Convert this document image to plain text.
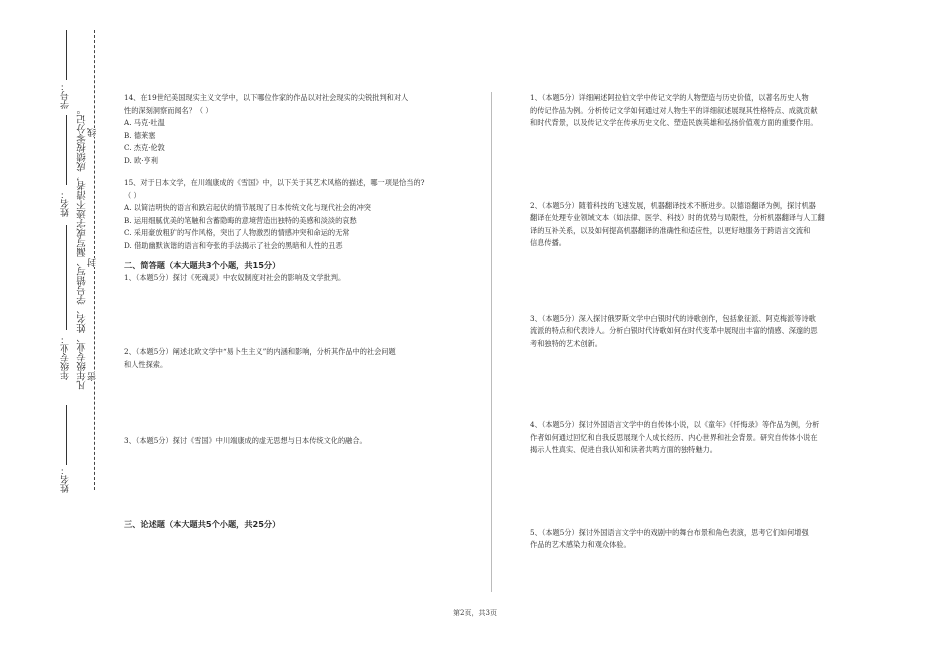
学号：
姓名：
年级专业：
姓名：
凡年级专业、姓名、学号错写、漏写或字迹不清者，成绩按零分记。 线
封
密

14、在19世纪美国现实主义文学中，以下哪位作家的作品以对社会现实的尖锐批判和对人

性的深刻洞察而闻名？（ ）

A. 马克·吐温

B. 德莱塞

C. 杰克·伦敦

D. 欧·亨利

15、对于日本文学，在川端康成的《雪国》中，以下关于其艺术风格的描述，哪一项是恰当的?

（ ）

A. 以简洁明快的语言和跌宕起伏的情节展现了日本传统文化与现代社会的冲突

B. 运用细腻优美的笔触和含蓄隐晦的意境营造出独特的美感和淡淡的哀愁

C. 采用豪放粗犷的写作风格，突出了人物激烈的情感冲突和命运的无常

D. 借助幽默诙谐的语言和夸张的手法揭示了社会的黑暗和人性的丑恶

二、简答题（本大题共3个小题，共15分）

1、（本题5分）探讨《死魂灵》中农奴制度对社会的影响及文学批判。

2、（本题5分）阐述北欧文学中“易卜生主义”的内涵和影响，分析其作品中的社会问题

和人性探索。

3、（本题5分）探讨《雪国》中川端康成的虚无思想与日本传统文化的融合。

三、论述题（本大题共5个小题，共25分）

1、（本题5分）详细阐述阿拉伯文学中传记文学的人物塑造与历史价值，以著名历史人物

的传记作品为例。分析传记文学如何通过对人物生平的详细叙述展现其性格特点、成就贡献

和时代背景，以及传记文学在传承历史文化、塑造民族英雄和弘扬价值观方面的重要作用。

2、（本题5分）随着科技的飞速发展，机器翻译技术不断进步。以德语翻译为例，探讨机器

翻译在处理专业领域文本（如法律、医学、科技）时的优势与局限性，分析机器翻译与人工翻

译的互补关系，以及如何提高机器翻译的准确性和适应性，以更好地服务于跨语言交流和

信息传播。

3、（本题5分）深入探讨俄罗斯文学中白银时代的诗歌创作，包括象征派、阿克梅派等诗歌

流派的特点和代表诗人。分析白银时代诗歌如何在时代变革中展现出丰富的情感、深邃的思

考和独特的艺术创新。

4、（本题5分）探讨外国语言文学中的自传体小说，以《童年》《忏悔录》等作品为例，分析

作者如何通过回忆和自我反思展现个人成长经历、内心世界和社会背景。研究自传体小说在

揭示人性真实、促进自我认知和读者共鸣方面的独特魅力。

5、（本题5分）探讨外国语言文学中的戏剧中的舞台布景和角色表演，思考它们如何增强

作品的艺术感染力和观众体验。

第2页，共3页
